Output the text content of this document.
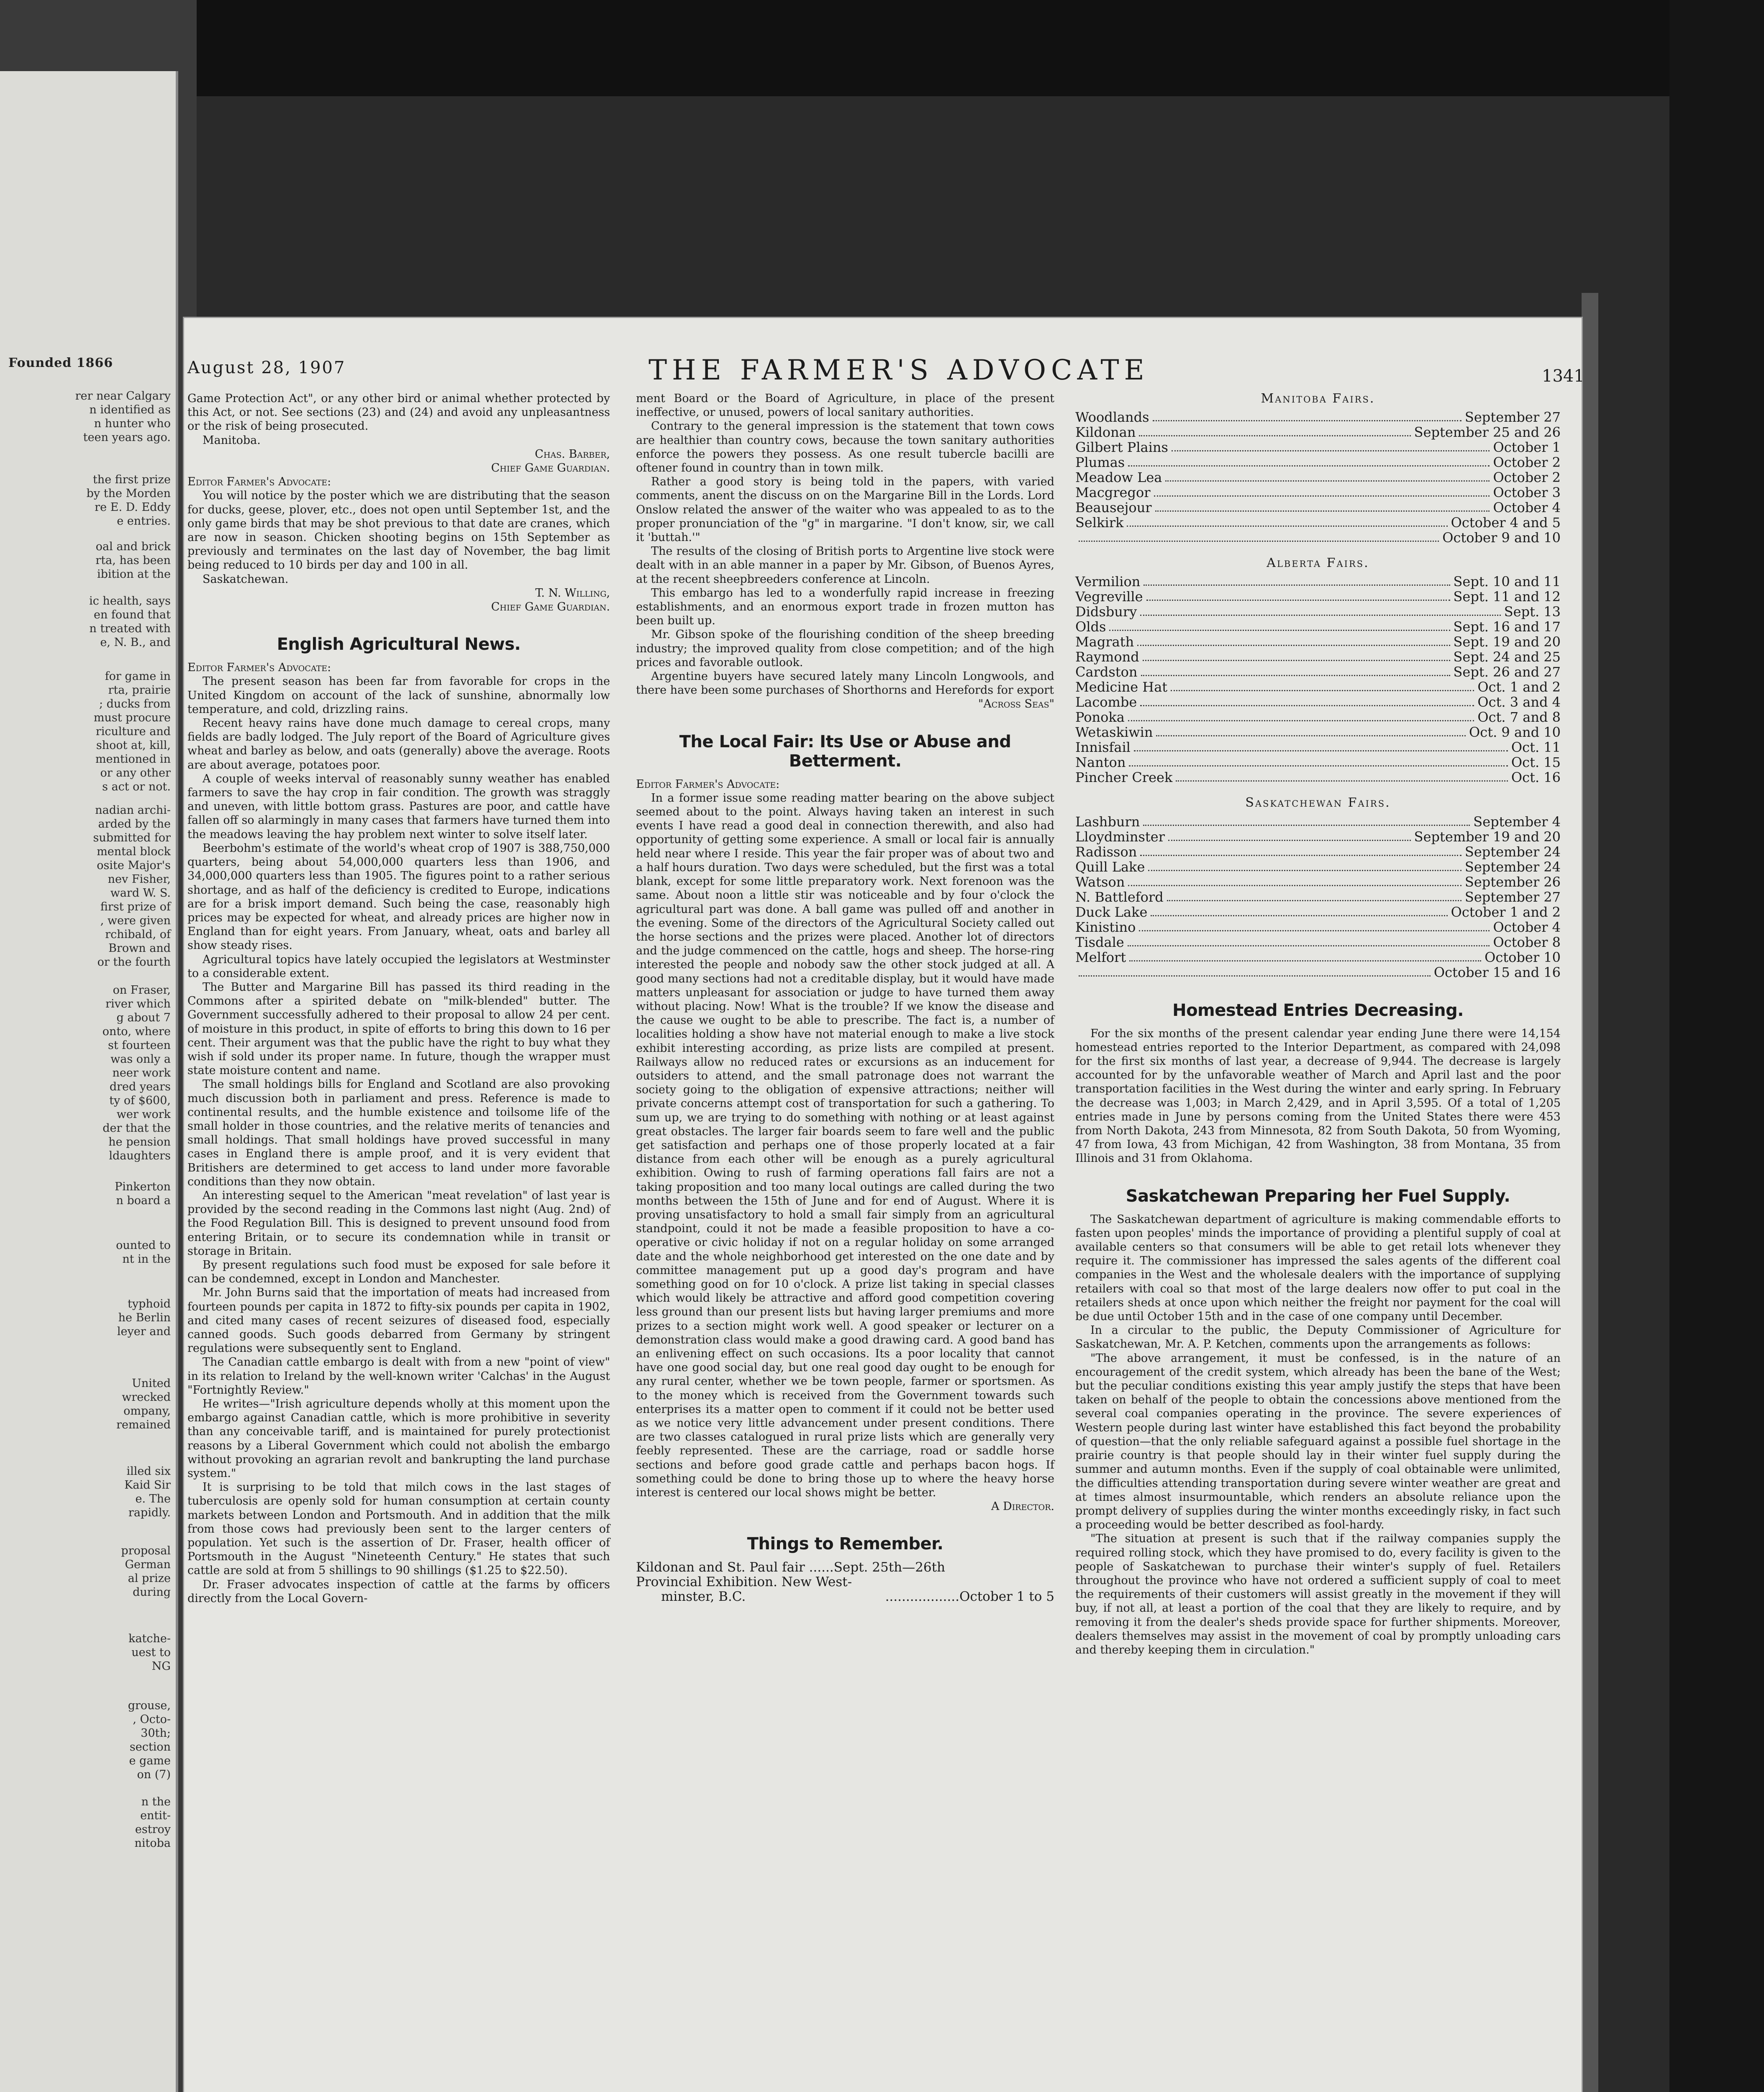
Founded 1866
rer near Calgary
n identified as
n hunter who
teen years ago.
the first prize
by the Morden
re E. D. Eddy
e entries.
oal and brick
rta, has been
ibition at the
ic health, says
en found that
n treated with
e, N. B., and
for game in
rta, prairie
; ducks from
must procure
riculture and
shoot at, kill,
mentioned in
or any other
s act or not.
nadian archi-
arded by the
submitted for
mental block
osite Major's
nev Fisher,
ward W. S.
first prize of
, were given
rchibald, of
Brown and
or the fourth
on Fraser,
river which
g about 7
onto, where
st fourteen
was only a
neer work
dred years
ty of $600,
wer work
der that the
he pension
ldaughters
Pinkerton
n board a
ounted to
nt in the
typhoid
he Berlin
leyer and
United
wrecked
ompany,
remained
illed six
Kaid Sir
e. The
rapidly.
proposal
German
al prize
during
katche-
uest to
NG
grouse,
, Octo-
30th;
section
e game
on (7)
n the
entit-
estroy
nitoba
August 28, 1907	THE FARMER'S ADVOCATE	1341

Game Protection Act", or any other bird or animal whether protected by this Act, or not. See sections (23) and (24) and avoid any unpleasantness or the risk of being prosecuted.

Manitoba.

Chas. Barber,

Chief Game Guardian.

Editor Farmer's Advocate:

You will notice by the poster which we are distributing that the season for ducks, geese, plover, etc., does not open until September 1st, and the only game birds that may be shot previous to that date are cranes, which are now in season. Chicken shooting begins on 15th September as previously and terminates on the last day of November, the bag limit being reduced to 10 birds per day and 100 in all.

Saskatchewan.

T. N. Willing,

Chief Game Guardian.

English Agricultural News.

Editor Farmer's Advocate:

The present season has been far from favorable for crops in the United Kingdom on account of the lack of sunshine, abnormally low temperature, and cold, drizzling rains.

Recent heavy rains have done much damage to cereal crops, many fields are badly lodged. The July report of the Board of Agriculture gives wheat and barley as below, and oats (generally) above the average. Roots are about average, potatoes poor.

A couple of weeks interval of reasonably sunny weather has enabled farmers to save the hay crop in fair condition. The growth was straggly and uneven, with little bottom grass. Pastures are poor, and cattle have fallen off so alarmingly in many cases that farmers have turned them into the meadows leaving the hay problem next winter to solve itself later.

Beerbohm's estimate of the world's wheat crop of 1907 is 388,750,000 quarters, being about 54,000,000 quarters less than 1906, and 34,000,000 quarters less than 1905. The figures point to a rather serious shortage, and as half of the deficiency is credited to Europe, indications are for a brisk import demand. Such being the case, reasonably high prices may be expected for wheat, and already prices are higher now in England than for eight years. From January, wheat, oats and barley all show steady rises.

Agricultural topics have lately occupied the legislators at Westminster to a considerable extent.

The Butter and Margarine Bill has passed its third reading in the Commons after a spirited debate on "milk-blended" butter. The Government successfully adhered to their proposal to allow 24 per cent. of moisture in this product, in spite of efforts to bring this down to 16 per cent. Their argument was that the public have the right to buy what they wish if sold under its proper name. In future, though the wrapper must state moisture content and name.

The small holdings bills for England and Scotland are also provoking much discussion both in parliament and press. Reference is made to continental results, and the humble existence and toilsome life of the small holder in those countries, and the relative merits of tenancies and small holdings. That small holdings have proved successful in many cases in England there is ample proof, and it is very evident that Britishers are determined to get access to land under more favorable conditions than they now obtain.

An interesting sequel to the American "meat revelation" of last year is provided by the second reading in the Commons last night (Aug. 2nd) of the Food Regulation Bill. This is designed to prevent unsound food from entering Britain, or to secure its condemnation while in transit or storage in Britain.

By present regulations such food must be exposed for sale before it can be condemned, except in London and Manchester.

Mr. John Burns said that the importation of meats had increased from fourteen pounds per capita in 1872 to fifty-six pounds per capita in 1902, and cited many cases of recent seizures of diseased food, especially canned goods. Such goods debarred from Germany by stringent regulations were subsequently sent to England.

The Canadian cattle embargo is dealt with from a new "point of view" in its relation to Ireland by the well-known writer 'Calchas' in the August "Fortnightly Review."

He writes—"Irish agriculture depends wholly at this moment upon the embargo against Canadian cattle, which is more prohibitive in severity than any conceivable tariff, and is maintained for purely protectionist reasons by a Liberal Government which could not abolish the embargo without provoking an agrarian revolt and bankrupting the land purchase system."

It is surprising to be told that milch cows in the last stages of tuberculosis are openly sold for human consumption at certain county markets between London and Portsmouth. And in addition that the milk from those cows had previously been sent to the larger centers of population. Yet such is the assertion of Dr. Fraser, health officer of Portsmouth in the August "Nineteenth Century." He states that such cattle are sold at from 5 shillings to 90 shillings ($1.25 to $22.50).

Dr. Fraser advocates inspection of cattle at the farms by officers directly from the Local Govern-

ment Board or the Board of Agriculture, in place of the present ineffective, or unused, powers of local sanitary authorities.

Contrary to the general impression is the statement that town cows are healthier than country cows, because the town sanitary authorities enforce the powers they possess. As one result tubercle bacilli are oftener found in country than in town milk.

Rather a good story is being told in the papers, with varied comments, anent the discuss on on the Margarine Bill in the Lords. Lord Onslow related the answer of the waiter who was appealed to as to the proper pronunciation of the "g" in margarine. "I don't know, sir, we call it 'buttah.'"

The results of the closing of British ports to Argentine live stock were dealt with in an able manner in a paper by Mr. Gibson, of Buenos Ayres, at the recent sheepbreeders conference at Lincoln.

This embargo has led to a wonderfully rapid increase in freezing establishments, and an enormous export trade in frozen mutton has been built up.

Mr. Gibson spoke of the flourishing condition of the sheep breeding industry; the improved quality from close competition; and of the high prices and favorable outlook.

Argentine buyers have secured lately many Lincoln Longwools, and there have been some purchases of Shorthorns and Herefords for export

"Across Seas"

The Local Fair: Its Use or Abuse and Betterment.

Editor Farmer's Advocate:

In a former issue some reading matter bearing on the above subject seemed about to the point. Always having taken an interest in such events I have read a good deal in connection therewith, and also had opportunity of getting some experience. A small or local fair is annually held near where I reside. This year the fair proper was of about two and a half hours duration. Two days were scheduled, but the first was a total blank, except for some little preparatory work. Next forenoon was the same. About noon a little stir was noticeable and by four o'clock the agricultural part was done. A ball game was pulled off and another in the evening. Some of the directors of the Agricultural Society called out the horse sections and the prizes were placed. Another lot of directors and the judge commenced on the cattle, hogs and sheep. The horse-ring interested the people and nobody saw the other stock judged at all. A good many sections had not a creditable display, but it would have made matters unpleasant for association or judge to have turned them away without placing. Now! What is the trouble? If we know the disease and the cause we ought to be able to prescribe. The fact is, a number of localities holding a show have not material enough to make a live stock exhibit interesting according, as prize lists are compiled at present. Railways allow no reduced rates or excursions as an inducement for outsiders to attend, and the small patronage does not warrant the society going to the obligation of expensive attractions; neither will private concerns attempt cost of transportation for such a gathering. To sum up, we are trying to do something with nothing or at least against great obstacles. The larger fair boards seem to fare well and the public get satisfaction and perhaps one of those properly located at a fair distance from each other will be enough as a purely agricultural exhibition. Owing to rush of farming operations fall fairs are not a taking proposition and too many local outings are called during the two months between the 15th of June and for end of August. Where it is proving unsatisfactory to hold a small fair simply from an agricultural standpoint, could it not be made a feasible proposition to have a co-operative or civic holiday if not on a regular holiday on some arranged date and the whole neighborhood get interested on the one date and by committee management put up a good day's program and have something good on for 10 o'clock. A prize list taking in special classes which would likely be attractive and afford good competition covering less ground than our present lists but having larger premiums and more prizes to a section might work well. A good speaker or lecturer on a demonstration class would make a good drawing card. A good band has an enlivening effect on such occasions. Its a poor locality that cannot have one good social day, but one real good day ought to be enough for any rural center, whether we be town people, farmer or sportsmen. As to the money which is received from the Government towards such enterprises its a matter open to comment if it could not be better used as we notice very little advancement under present conditions. There are two classes catalogued in rural prize lists which are generally very feebly represented. These are the carriage, road or saddle horse sections and before good grade cattle and perhaps bacon hogs. If something could be done to bring those up to where the heavy horse interest is centered our local shows might be better.

A Director.

Things to Remember.
Kildonan and St. Paul fair ......Sept. 25th—26th
Provincial Exhibition. New West-
minster, B.C.	..................October 1 to 5
Manitoba Fairs.
Woodlands	September 27
Kildonan	September 25 and 26
Gilbert Plains	October 1
Plumas	October 2
Meadow Lea	October 2
Macgregor	October 3
Beausejour	October 4
Selkirk	October 4 and 5
October 9 and 10
Alberta Fairs.
Vermilion	Sept. 10 and 11
Vegreville	Sept. 11 and 12
Didsbury	Sept. 13
Olds	Sept. 16 and 17
Magrath	Sept. 19 and 20
Raymond	Sept. 24 and 25
Cardston	Sept. 26 and 27
Medicine Hat	Oct. 1 and 2
Lacombe	Oct. 3 and 4
Ponoka	Oct. 7 and 8
Wetaskiwin	Oct. 9 and 10
Innisfail	Oct. 11
Nanton	Oct. 15
Pincher Creek	Oct. 16
Saskatchewan Fairs.
Lashburn	September 4
Lloydminster	September 19 and 20
Radisson	September 24
Quill Lake	September 24
Watson	September 26
N. Battleford	September 27
Duck Lake	October 1 and 2
Kinistino	October 4
Tisdale	October 8
Melfort	October 10
October 15 and 16
Homestead Entries Decreasing.

For the six months of the present calendar year ending June there were 14,154 homestead entries reported to the Interior Department, as compared with 24,098 for the first six months of last year, a decrease of 9,944. The decrease is largely accounted for by the unfavorable weather of March and April last and the poor transportation facilities in the West during the winter and early spring. In February the decrease was 1,003; in March 2,429, and in April 3,595. Of a total of 1,205 entries made in June by persons coming from the United States there were 453 from North Dakota, 243 from Minnesota, 82 from South Dakota, 50 from Wyoming, 47 from Iowa, 43 from Michigan, 42 from Washington, 38 from Montana, 35 from Illinois and 31 from Oklahoma.

Saskatchewan Preparing her Fuel Supply.

The Saskatchewan department of agriculture is making commendable efforts to fasten upon peoples' minds the importance of providing a plentiful supply of coal at available centers so that consumers will be able to get retail lots whenever they require it. The commissioner has impressed the sales agents of the different coal companies in the West and the wholesale dealers with the importance of supplying retailers with coal so that most of the large dealers now offer to put coal in the retailers sheds at once upon which neither the freight nor payment for the coal will be due until October 15th and in the case of one company until December.

In a circular to the public, the Deputy Commissioner of Agriculture for Saskatchewan, Mr. A. P. Ketchen, comments upon the arrangements as follows:

"The above arrangement, it must be confessed, is in the nature of an encouragement of the credit system, which already has been the bane of the West; but the peculiar conditions existing this year amply justify the steps that have been taken on behalf of the people to obtain the concessions above mentioned from the several coal companies operating in the province. The severe experiences of Western people during last winter have established this fact beyond the probability of question—that the only reliable safeguard against a possible fuel shortage in the prairie country is that people should lay in their winter fuel supply during the summer and autumn months. Even if the supply of coal obtainable were unlimited, the difficulties attending transportation during severe winter weather are great and at times almost insurmountable, which renders an absolute reliance upon the prompt delivery of supplies during the winter months exceedingly risky, in fact such a proceeding would be better described as fool-hardy.

"The situation at present is such that if the railway companies supply the required rolling stock, which they have promised to do, every facility is given to the people of Saskatchewan to purchase their winter's supply of fuel. Retailers throughout the province who have not ordered a sufficient supply of coal to meet the requirements of their customers will assist greatly in the movement if they will buy, if not all, at least a portion of the coal that they are likely to require, and by removing it from the dealer's sheds provide space for further shipments. Moreover, dealers themselves may assist in the movement of coal by promptly unloading cars and thereby keeping them in circulation."
